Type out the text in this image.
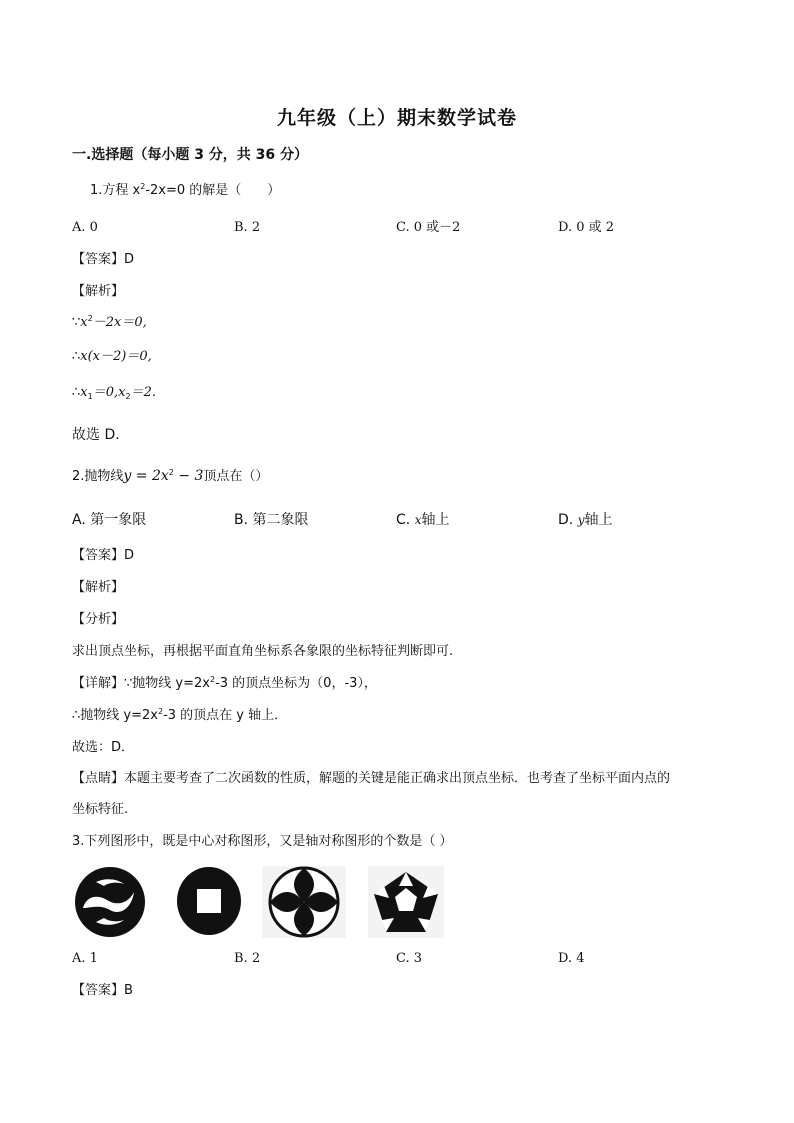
九年级（上）期末数学试卷
一.选择题（每小题 3 分，共 36 分）
1.方程 $x^2-2x=0$ 的解是（　　）
A. 0	B. 2	C. 0 或－2	D. 0 或 2
【答案】D
【解析】
$\because x^2-2x=0$,
∴x(x－2)＝0,
$\therefore x_1=0,x_2=2$.
故选 D.
2.抛物线$y = 2x^2 - 3$顶点在（）
A. 第一象限	B. 第二象限	C. x轴上	D. y轴上
【答案】D
【解析】
【分析】
求出顶点坐标，再根据平面直角坐标系各象限的坐标特征判断即可.
【详解】∵抛物线 $y=2x^2-3$ 的顶点坐标为（0，-3），
∴抛物线 $y=2x^2-3$ 的顶点在 y 轴上．
故选：D．
【点睛】本题主要考查了二次函数的性质，解题的关键是能正确求出顶点坐标．也考查了坐标平面内点的
坐标特征.
3.下列图形中，既是中心对称图形，又是轴对称图形的个数是（ ）
A. 1	B. 2	C. 3	D. 4
【答案】B
